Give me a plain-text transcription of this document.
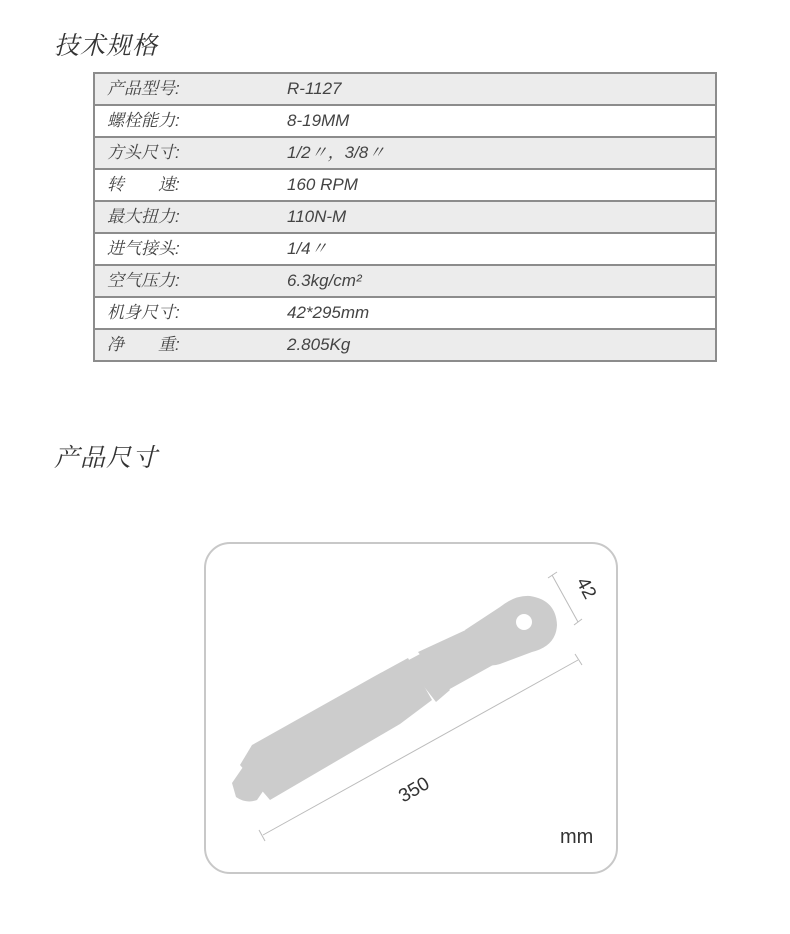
技术规格
产品型号:	R-1127
螺栓能力:	8-19MM
方头尺寸:	1/2〃，3/8〃
转　　速:	160 RPM
最大扭力:	110N-M
进气接头:	1/4〃
空气压力:	6.3kg/cm²
机身尺寸:	42*295mm
净　　重:	2.805Kg
产品尺寸
350
42
mm
